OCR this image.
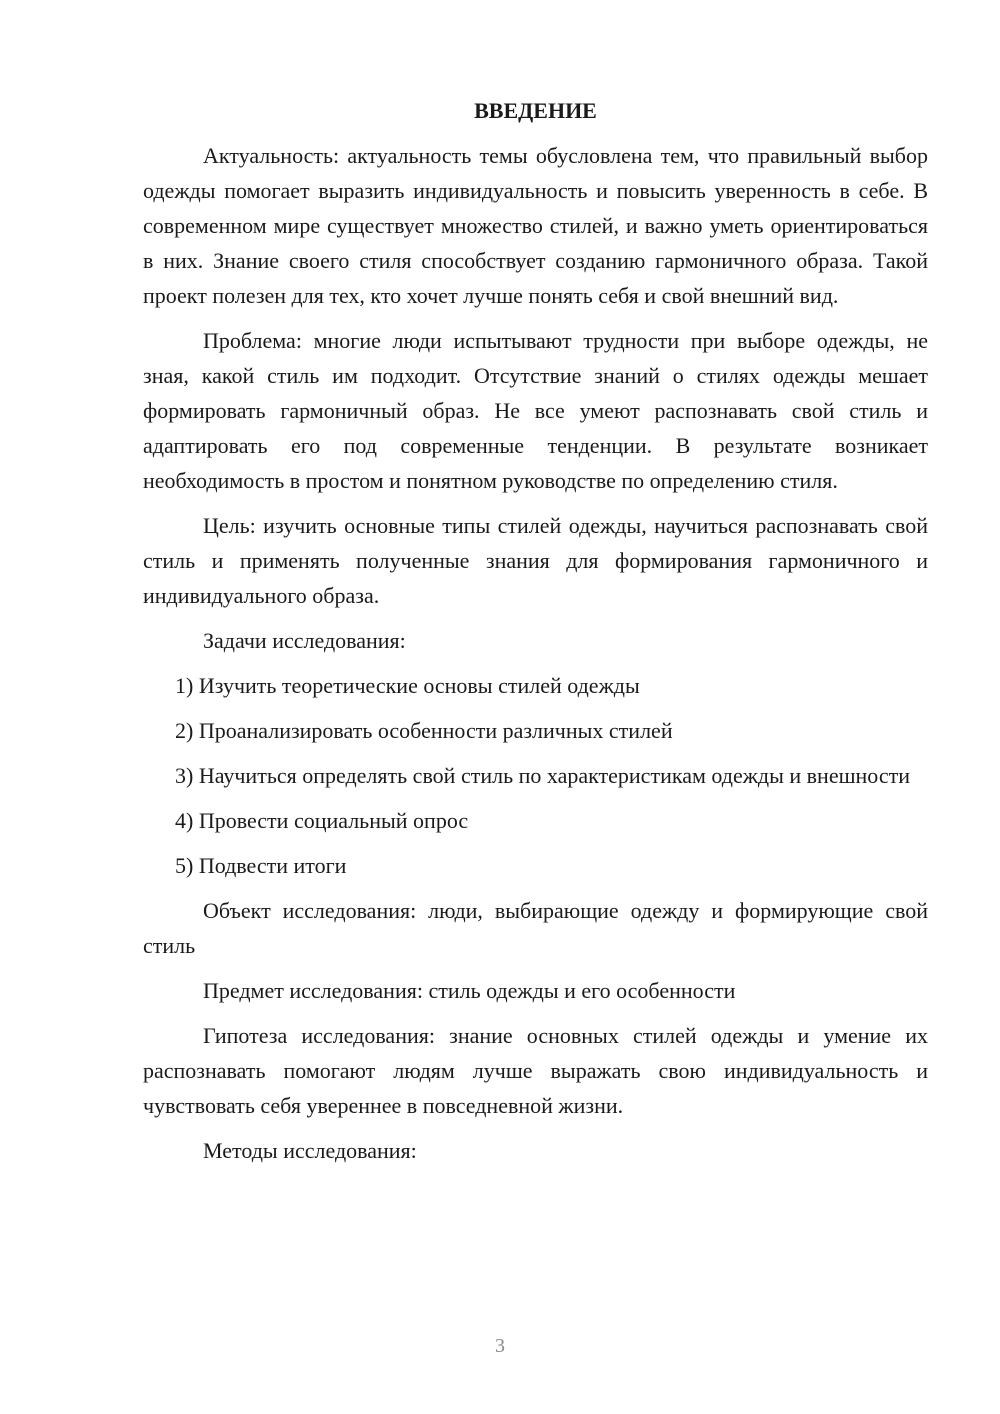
ВВЕДЕНИЕ

Актуальность: актуальность темы обусловлена тем, что правильный выбор одежды помогает выразить индивидуальность и повысить уверенность в себе. В современном мире существует множество стилей, и важно уметь ориентироваться в них. Знание своего стиля способствует созданию гармоничного образа. Такой проект полезен для тех, кто хочет лучше понять себя и свой внешний вид.

Проблема: многие люди испытывают трудности при выборе одежды, не зная, какой стиль им подходит. Отсутствие знаний о стилях одежды мешает формировать гармоничный образ. Не все умеют распознавать свой стиль и адаптировать его под современные тенденции. В результате возникает необходимость в простом и понятном руководстве по определению стиля.

Цель: изучить основные типы стилей одежды, научиться распознавать свой стиль и применять полученные знания для формирования гармоничного и индивидуального образа.

Задачи исследования:

1) Изучить теоретические основы стилей одежды

2) Проанализировать особенности различных стилей

3) Научиться определять свой стиль по характеристикам одежды и внешности

4) Провести социальный опрос

5) Подвести итоги

Объект исследования: люди, выбирающие одежду и формирующие свой стиль

Предмет исследования: стиль одежды и его особенности

Гипотеза исследования: знание основных стилей одежды и умение их распознавать помогают людям лучше выражать свою индивидуальность и чувствовать себя увереннее в повседневной жизни.

Методы исследования:

3
